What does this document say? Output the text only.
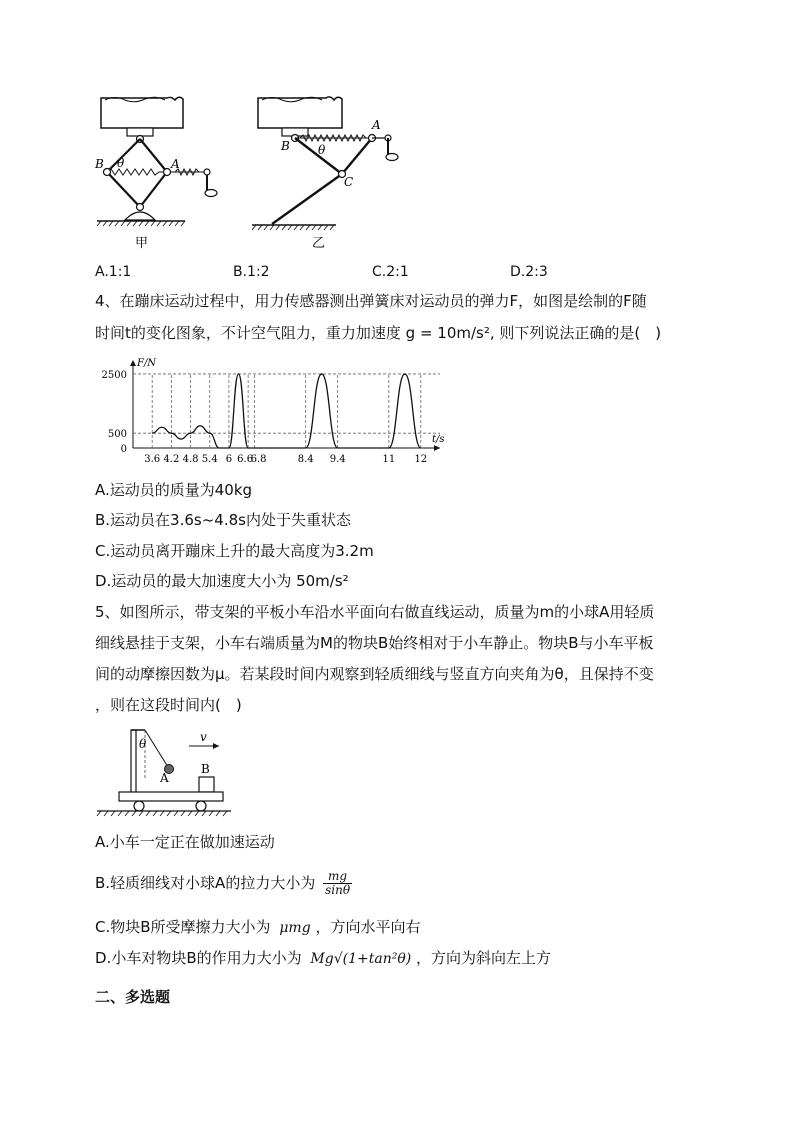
B θ	A
甲
B θ
A
C
乙
A.1:1	B.1:2	C.2:1	D.2:3
4、在蹦床运动过程中，用力传感器测出弹簧床对运动员的弹力F，如图是绘制的F随
时间t的变化图象，不计空气阻力，重力加速度 g = 10m/s², 则下列说法正确的是(　)
3.6 4.2 4.8 5.4 6 6.6
6.8	8.4 9.4	11 12
0
500
2500
F/N
t/s
A.运动员的质量为40kg
B.运动员在3.6s~4.8s内处于失重状态
C.运动员离开蹦床上升的最大高度为3.2m
D.运动员的最大加速度大小为 50m/s²
5、如图所示，带支架的平板小车沿水平面向右做直线运动，质量为m的小球A用轻质
细线悬挂于支架，小车右端质量为M的物块B始终相对于小车静止。物块B与小车平板
间的动摩擦因数为μ。若某段时间内观察到轻质细线与竖直方向夹角为θ，且保持不变
，则在这段时间内(　)
θ	v
A
B
A.小车一定正在做加速运动
B.轻质细线对小球A的拉力大小为 $\frac{mg}{\sin\theta}$
C.物块B所受摩擦力大小为 μmg ，方向水平向右
D.小车对物块B的作用力大小为 Mg√(1+tan²θ) ，方向为斜向左上方
二、多选题
